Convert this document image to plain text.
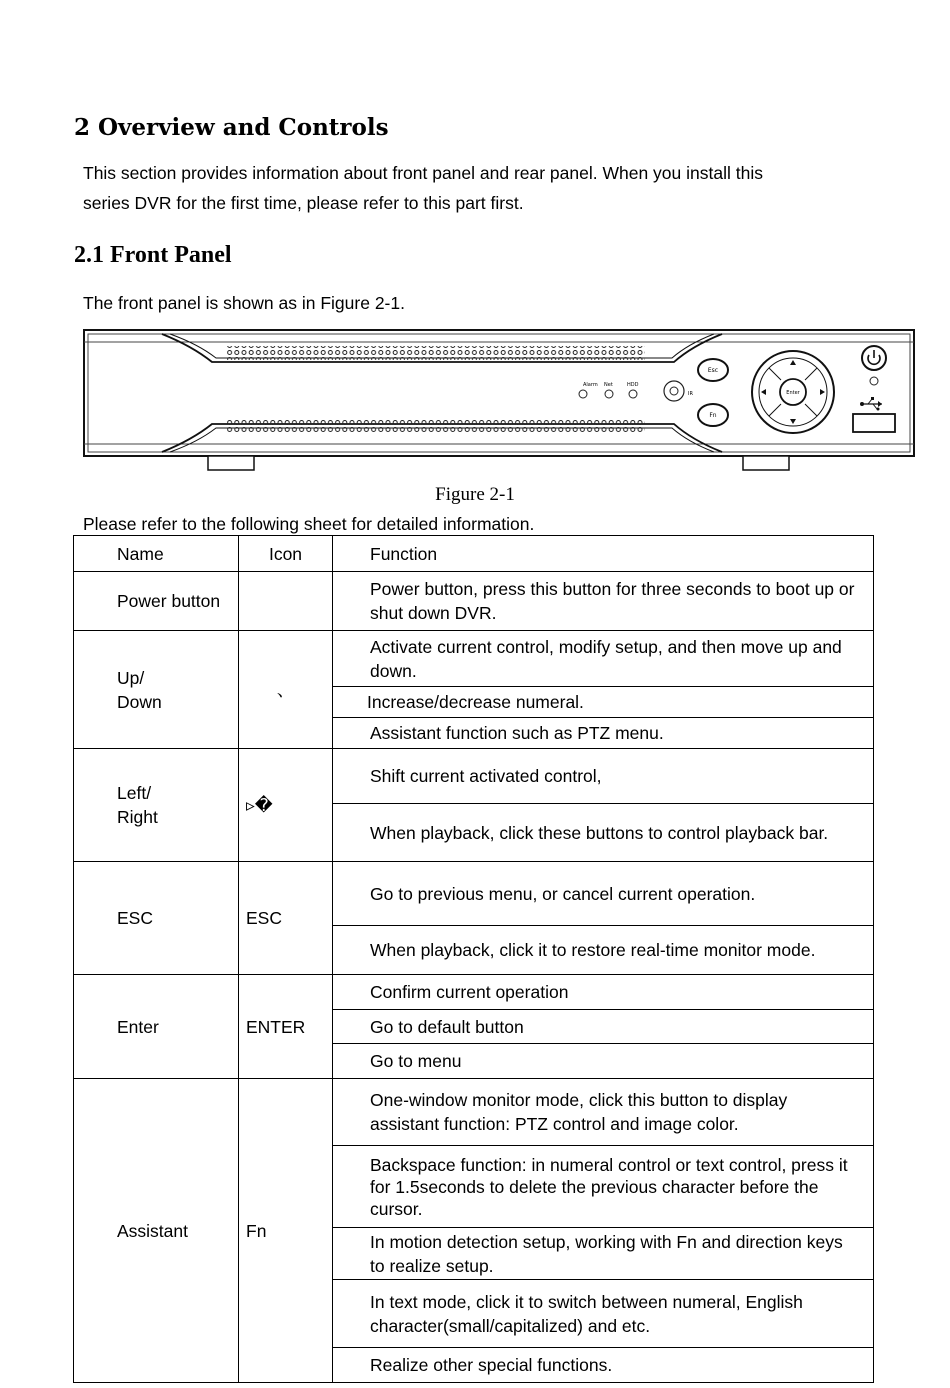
2 Overview and Controls
This section provides information about front panel and rear panel. When you install this
series DVR for the first time, please refer to this part first.
2.1 Front Panel
The front panel is shown as in Figure 2-1.
Alarm Net	HDD
IR
Esc
Fn
Enter
Figure 2-1
Please refer to the following sheet for detailed information.
Name	Icon	Function
Power button		Power button, press this button for three seconds to boot up or shut down DVR.
Up/
Down	、	Activate current control, modify setup, and then move up and down.
		Increase/decrease numeral.
		Assistant function such as PTZ menu.
Left/
Right	▹�	Shift current activated control,
		When playback, click these buttons to control playback bar.
ESC	ESC	Go to previous menu, or cancel current operation.
		When playback, click it to restore real-time monitor mode.
Enter	ENTER	Confirm current operation
		Go to default button
		Go to menu
Assistant	Fn	One-window monitor mode, click this button to display assistant function: PTZ control and image color.
		Backspace function: in numeral control or text control, press it for 1.5seconds to delete the previous character before the cursor.
		In motion detection setup, working with Fn and direction keys to realize setup.
		In text mode, click it to switch between numeral, English character(small/capitalized) and etc.
		Realize other special functions.
